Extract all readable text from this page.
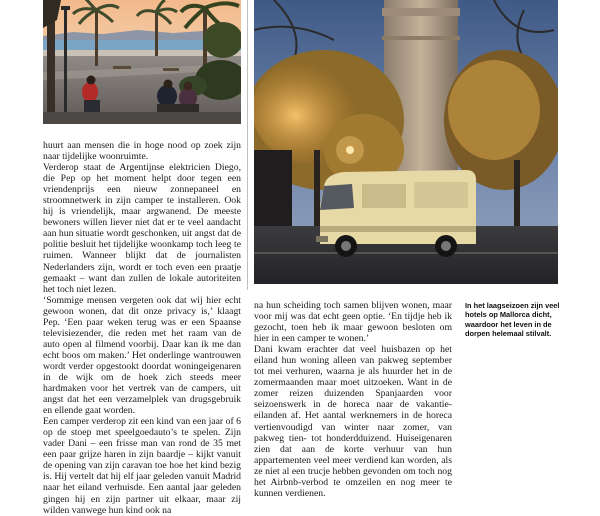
huurt aan mensen die in hoge nood op zoek zijn naar tijdelijke woonruimte.

Verderop staat de Argentijnse elektricien Diego, die Pep op het moment helpt door tegen een vriendenprijs een nieuw zonnepaneel en stroomnetwerk in zijn camper te installeren. Ook hij is vriendelijk, maar argwanend. De meeste bewoners willen liever niet dat er te veel aandacht aan hun situatie wordt geschonken, uit angst dat de politie besluit het tijdelijke woonkamp toch leeg te ruimen. Wanneer blijkt dat de journalisten Nederlanders zijn, wordt er toch even een praatje gemaakt – want dan zullen de lokale autoriteiten het toch niet lezen.

‘Sommige mensen vergeten ook dat wij hier echt gewoon wonen, dat dit onze privacy is,’ klaagt Pep. ‘Een paar weken terug was er een Spaanse televisiezender, die reden met het raam van de auto open al filmend voorbij. Daar kan ik me dan echt boos om maken.’ Het onderlinge wantrouwen wordt verder opgestookt doordat woningeigenaren in de wijk om de hoek zich steeds meer hardmaken voor het vertrek van de campers, uit angst dat het een verzamelplek van drugsgebruik en ellende gaat worden.

Een camper verderop zit een kind van een jaar of 6 op de stoep met speelgoedauto’s te spelen. Zijn vader Dani – een frisse man van rond de 35 met een paar grijze haren in zijn baardje – kijkt vanuit de opening van zijn caravan toe hoe het kind bezig is. Hij vertelt dat hij elf jaar geleden vanuit Madrid naar het eiland verhuisde. Een aantal jaar geleden gingen hij en zijn partner uit elkaar, maar zij wilden vanwege hun kind ook na

na hun scheiding toch samen blijven wonen, maar voor mij was dat echt geen optie. ‘En tijdje heb ik gezocht, toen heb ik maar gewoon besloten om hier in een camper te wonen.’

Dani kwam erachter dat veel huisbazen op het eiland hun woning alleen van pakweg september tot mei verhuren, waarna je als huurder het in de zomermaanden maar moet uitzoeken. Want in de zomer reizen duizenden Spanjaarden voor seizoenswerk in de horeca naar de vakantie-eilanden af. Het aantal werknemers in de horeca vertienvoudigd van winter naar zomer, van pakweg tien- tot honderdduizend. Huiseigenaren zien dat aan de korte verhuur van hun appartementen veel meer verdiend kan worden, als ze niet al een trucje hebben gevonden om toch nog het Airbnb-verbod te omzeilen en nog meer te kunnen verdienen.

In het laagseizoen zijn veel hotels op Mallorca dicht, waardoor het leven in de dorpen helemaal stilvalt.
